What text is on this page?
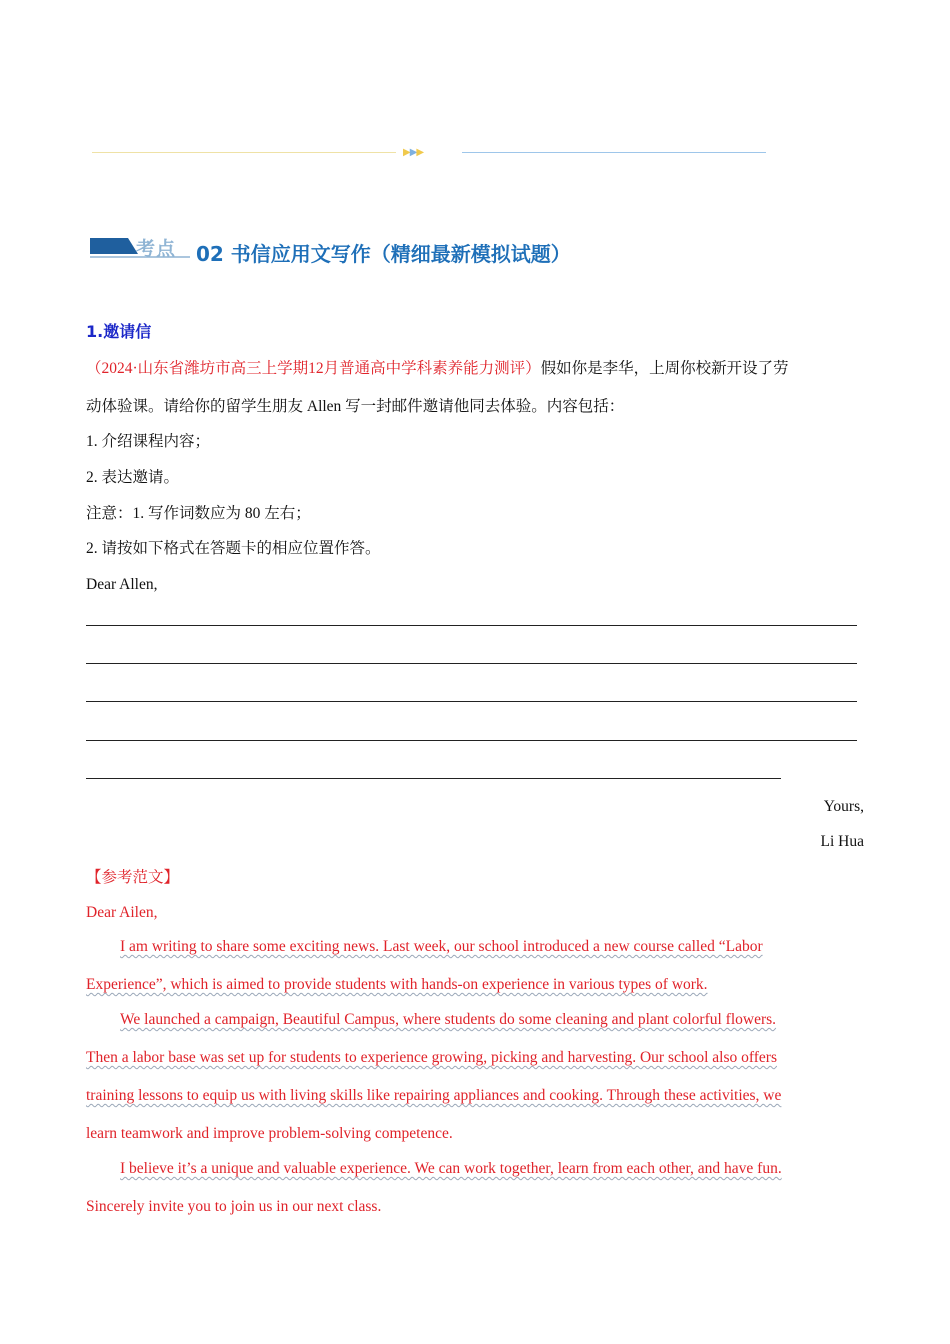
▶▶▶
考点 02 书信应用文写作（精细最新模拟试题）
1.邀请信
（2024·山东省潍坊市高三上学期12月普通高中学科素养能力测评）假如你是李华，上周你校新开设了劳
动体验课。请给你的留学生朋友 Allen 写一封邮件邀请他同去体验。内容包括：
1. 介绍课程内容；
2. 表达邀请。
注意：1. 写作词数应为 80 左右；
2. 请按如下格式在答题卡的相应位置作答。
Dear Allen,
Yours,
Li Hua
【参考范文】
Dear Ailen,
I am writing to share some exciting news. Last week, our school introduced a new course called “Labor
Experience”, which is aimed to provide students with hands-on experience in various types of work.
We launched a campaign, Beautiful Campus, where students do some cleaning and plant colorful flowers.
Then a labor base was set up for students to experience growing, picking and harvesting. Our school also offers
training lessons to equip us with living skills like repairing appliances and cooking. Through these activities, we
learn teamwork and improve problem-solving competence.
I believe it’s a unique and valuable experience. We can work together, learn from each other, and have fun.
Sincerely invite you to join us in our next class.
